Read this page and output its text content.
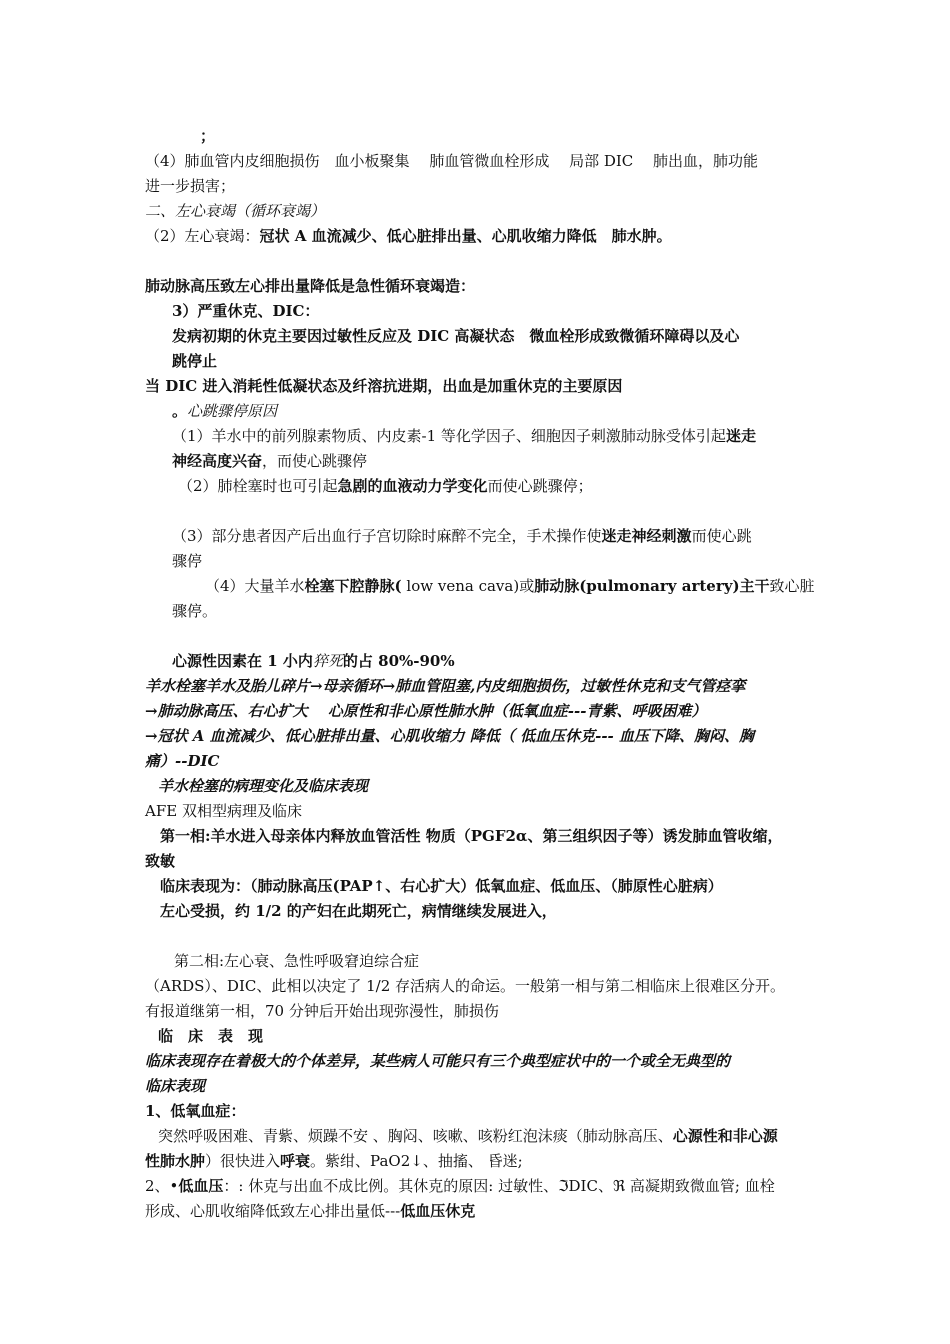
；
（4）肺血管内皮细胞损伤　血小板聚集　 肺血管微血栓形成　 局部 DIC　 肺出血，肺功能
进一步损害；
二、左心衰竭（循环衰竭）
（2）左心衰竭：冠状 A 血流减少、低心脏排出量、心肌收缩力降低　肺水肿。
肺动脉高压致左心排出量降低是急性循环衰竭造：
3）严重休克、DIC：
发病初期的休克主要因过敏性反应及 DIC 高凝状态　微血栓形成致微循环障碍以及心
跳停止
当 DIC 进入消耗性低凝状态及纤溶抗进期，出血是加重休克的主要原因
。心跳骤停原因
（1）羊水中的前列腺素物质、内皮素-1 等化学因子、细胞因子刺激肺动脉受体引起迷走
神经高度兴奋，而使心跳骤停
（2）肺栓塞时也可引起急剧的血液动力学变化而使心跳骤停；
（3）部分患者因产后出血行子宫切除时麻醉不完全，手术操作使迷走神经刺激而使心跳
骤停
（4）大量羊水栓塞下腔静脉( low vena cava)或肺动脉(pulmonary artery)主干致心脏
骤停。
心源性因素在 1 小内猝死的占 80%-90%
羊水栓塞羊水及胎儿碎片→母亲循环→肺血管阻塞,内皮细胞损伤，过敏性休克和支气管痉挛
→肺动脉高压、右心扩大　 心原性和非心原性肺水肿（低氧血症---青紫、呼吸困难）
→冠状 A 血流减少、低心脏排出量、心肌收缩力 降低（ 低血压休克--- 血压下降、胸闷、胸
痛）--DIC
羊水栓塞的病理变化及临床表现
AFE 双相型病理及临床
第一相:羊水进入母亲体内释放血管活性 物质（PGF2α、第三组织因子等）诱发肺血管收缩，
致敏
临床表现为：（肺动脉高压(PAP↑、右心扩大）低氧血症、低血压、（肺原性心脏病）
左心受损，约 1/2 的产妇在此期死亡，病情继续发展进入，
第二相:左心衰、急性呼吸窘迫综合症
（ARDS）、DIC、此相以决定了 1/2 存活病人的命运。一般第一相与第二相临床上很难区分开。
有报道继第一相，70 分钟后开始出现弥漫性，肺损伤
临　床　表　现
临床表现存在着极大的个体差异，某些病人可能只有三个典型症状中的一个或全无典型的
临床表现
1、低氧血症：
突然呼吸困难、青紫、烦躁不安 、胸闷、咳嗽、咳粉红泡沫痰（肺动脉高压、心源性和非心源
性肺水肿）很快进入呼衰。紫绀、PaO2↓、抽搐、 昏迷;
2、•低血压：: 休克与出血不成比例。其休克的原因: 过敏性、ℑDIC、ℜ 高凝期致微血管; 血栓
形成、心肌收缩降低致左心排出量低---低血压休克
